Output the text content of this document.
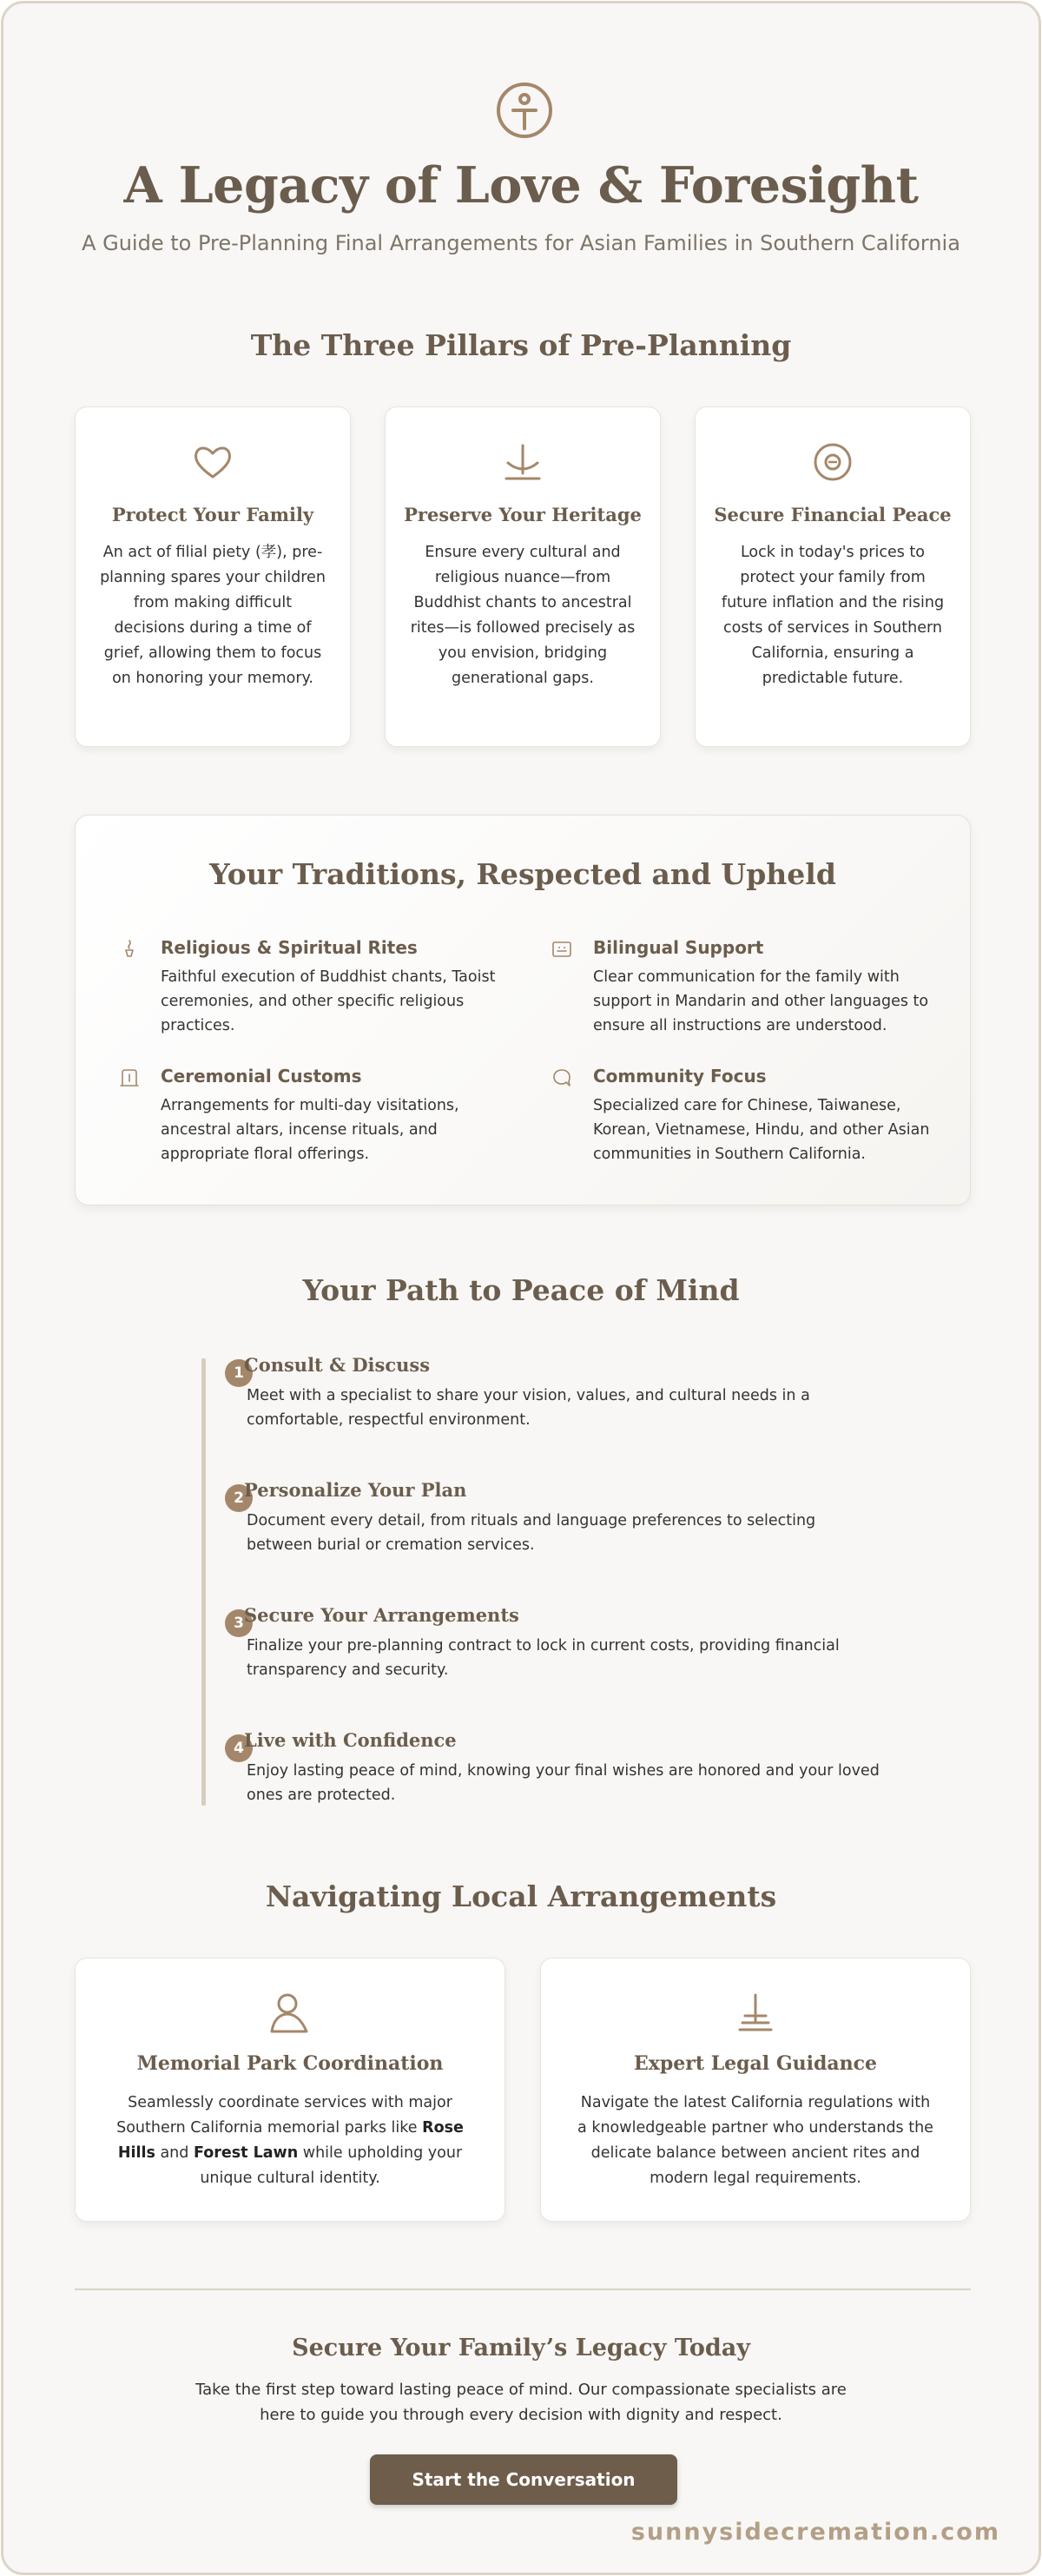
A Legacy of Love & Foresight
A Guide to Pre-Planning Final Arrangements for Asian Families in Southern California
The Three Pillars of Pre-Planning
Protect Your Family

An act of filial piety (孝), pre-planning spares your children from making difficult decisions during a time of grief, allowing them to focus on honoring your memory.

Preserve Your Heritage

Ensure every cultural and religious nuance—from Buddhist chants to ancestral rites—is followed precisely as you envision, bridging generational gaps.

Secure Financial Peace

Lock in today's prices to protect your family from future inflation and the rising costs of services in Southern California, ensuring a predictable future.

Your Traditions, Respected and Upheld
Religious & Spiritual Rites

Faithful execution of Buddhist chants, Taoist ceremonies, and other specific religious practices.

Bilingual Support

Clear communication for the family with support in Mandarin and other languages to ensure all instructions are understood.

Ceremonial Customs

Arrangements for multi-day visitations, ancestral altars, incense rituals, and appropriate floral offerings.

Community Focus

Specialized care for Chinese, Taiwanese, Korean, Vietnamese, Hindu, and other Asian communities in Southern California.

Your Path to Peace of Mind
1 Consult & Discuss

Meet with a specialist to share your vision, values, and cultural needs in a comfortable, respectful environment.

2 Personalize Your Plan

Document every detail, from rituals and language preferences to selecting between burial or cremation services.

3 Secure Your Arrangements

Finalize your pre-planning contract to lock in current costs, providing financial transparency and security.

4 Live with Confidence

Enjoy lasting peace of mind, knowing your final wishes are honored and your loved ones are protected.

Navigating Local Arrangements
Memorial Park Coordination

Seamlessly coordinate services with major Southern California memorial parks like Rose Hills and Forest Lawn while upholding your unique cultural identity.

Expert Legal Guidance

Navigate the latest California regulations with a knowledgeable partner who understands the delicate balance between ancient rites and modern legal requirements.

Secure Your Family’s Legacy Today

Take the first step toward lasting peace of mind. Our compassionate specialists are here to guide you through every decision with dignity and respect.

Start the Conversation
sunnysidecremation.com
